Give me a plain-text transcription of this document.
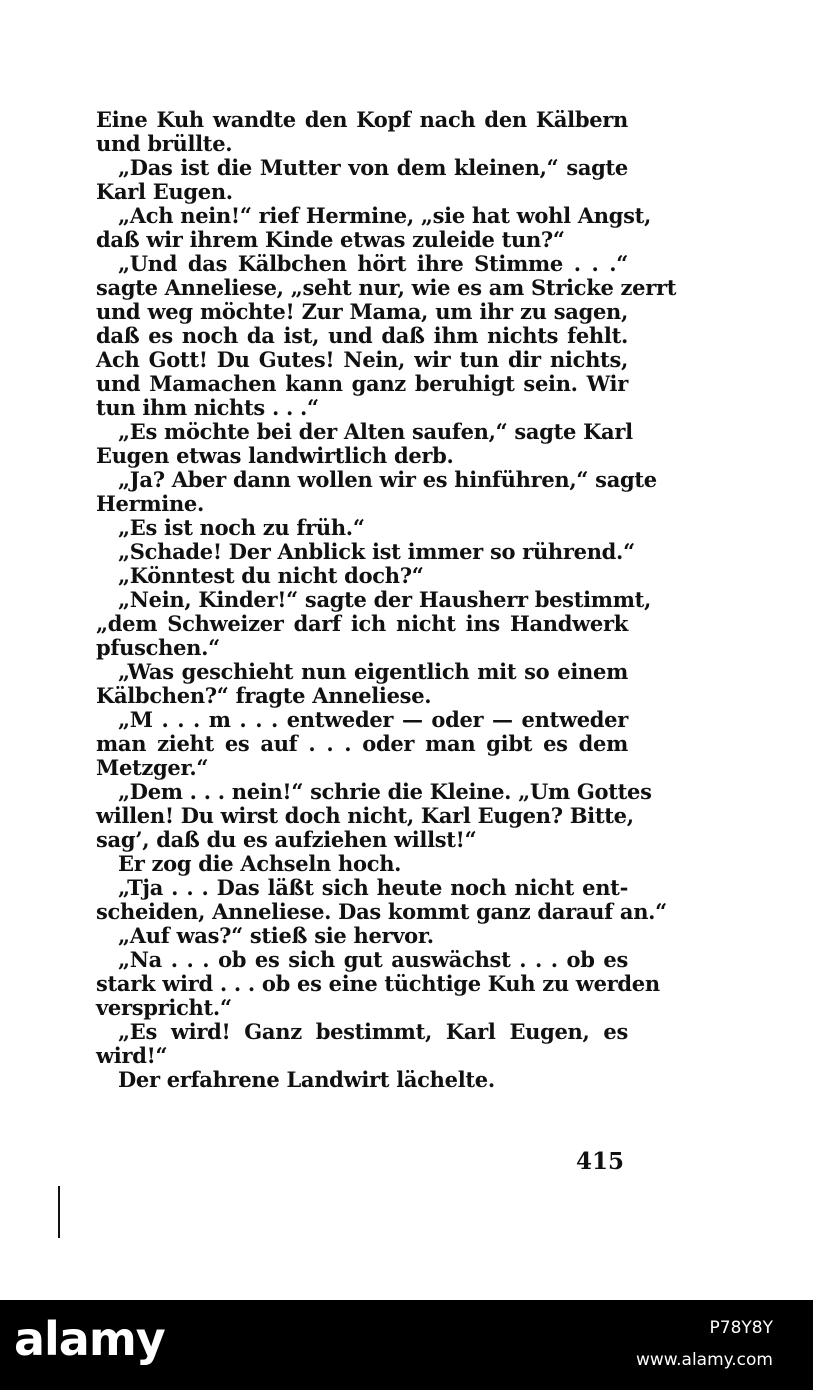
Eine Kuh wandte den Kopf nach den Kälbern
und brüllte.
„Das ist die Mutter von dem kleinen,“ sagte
Karl Eugen.
„Ach nein!“ rief Hermine, „sie hat wohl Angst,
daß wir ihrem Kinde etwas zuleide tun?“
„Und das Kälbchen hört ihre Stimme . . .“
sagte Anneliese, „seht nur, wie es am Stricke zerrt
und weg möchte! Zur Mama, um ihr zu sagen,
daß es noch da ist, und daß ihm nichts fehlt.
Ach Gott! Du Gutes! Nein, wir tun dir nichts,
und Mamachen kann ganz beruhigt sein. Wir
tun ihm nichts . . .“
„Es möchte bei der Alten saufen,“ sagte Karl
Eugen etwas landwirtlich derb.
„Ja? Aber dann wollen wir es hinführen,“ sagte
Hermine.
„Es ist noch zu früh.“
„Schade! Der Anblick ist immer so rührend.“
„Könntest du nicht doch?“
„Nein, Kinder!“ sagte der Hausherr bestimmt,
„dem Schweizer darf ich nicht ins Handwerk
pfuschen.“
„Was geschieht nun eigentlich mit so einem
Kälbchen?“ fragte Anneliese.
„M . . . m . . . entweder — oder — entweder
man zieht es auf . . . oder man gibt es dem
Metzger.“
„Dem . . . nein!“ schrie die Kleine. „Um Gottes
willen! Du wirst doch nicht, Karl Eugen? Bitte,
sag’, daß du es aufziehen willst!“
Er zog die Achseln hoch.
„Tja . . . Das läßt sich heute noch nicht ent-
scheiden, Anneliese. Das kommt ganz darauf an.“
„Auf was?“ stieß sie hervor.
„Na . . . ob es sich gut auswächst . . . ob es
stark wird . . . ob es eine tüchtige Kuh zu werden
verspricht.“
„Es wird! Ganz bestimmt, Karl Eugen, es
wird!“
Der erfahrene Landwirt lächelte.
415
alamy	P78Y8Y
www.alamy.com
